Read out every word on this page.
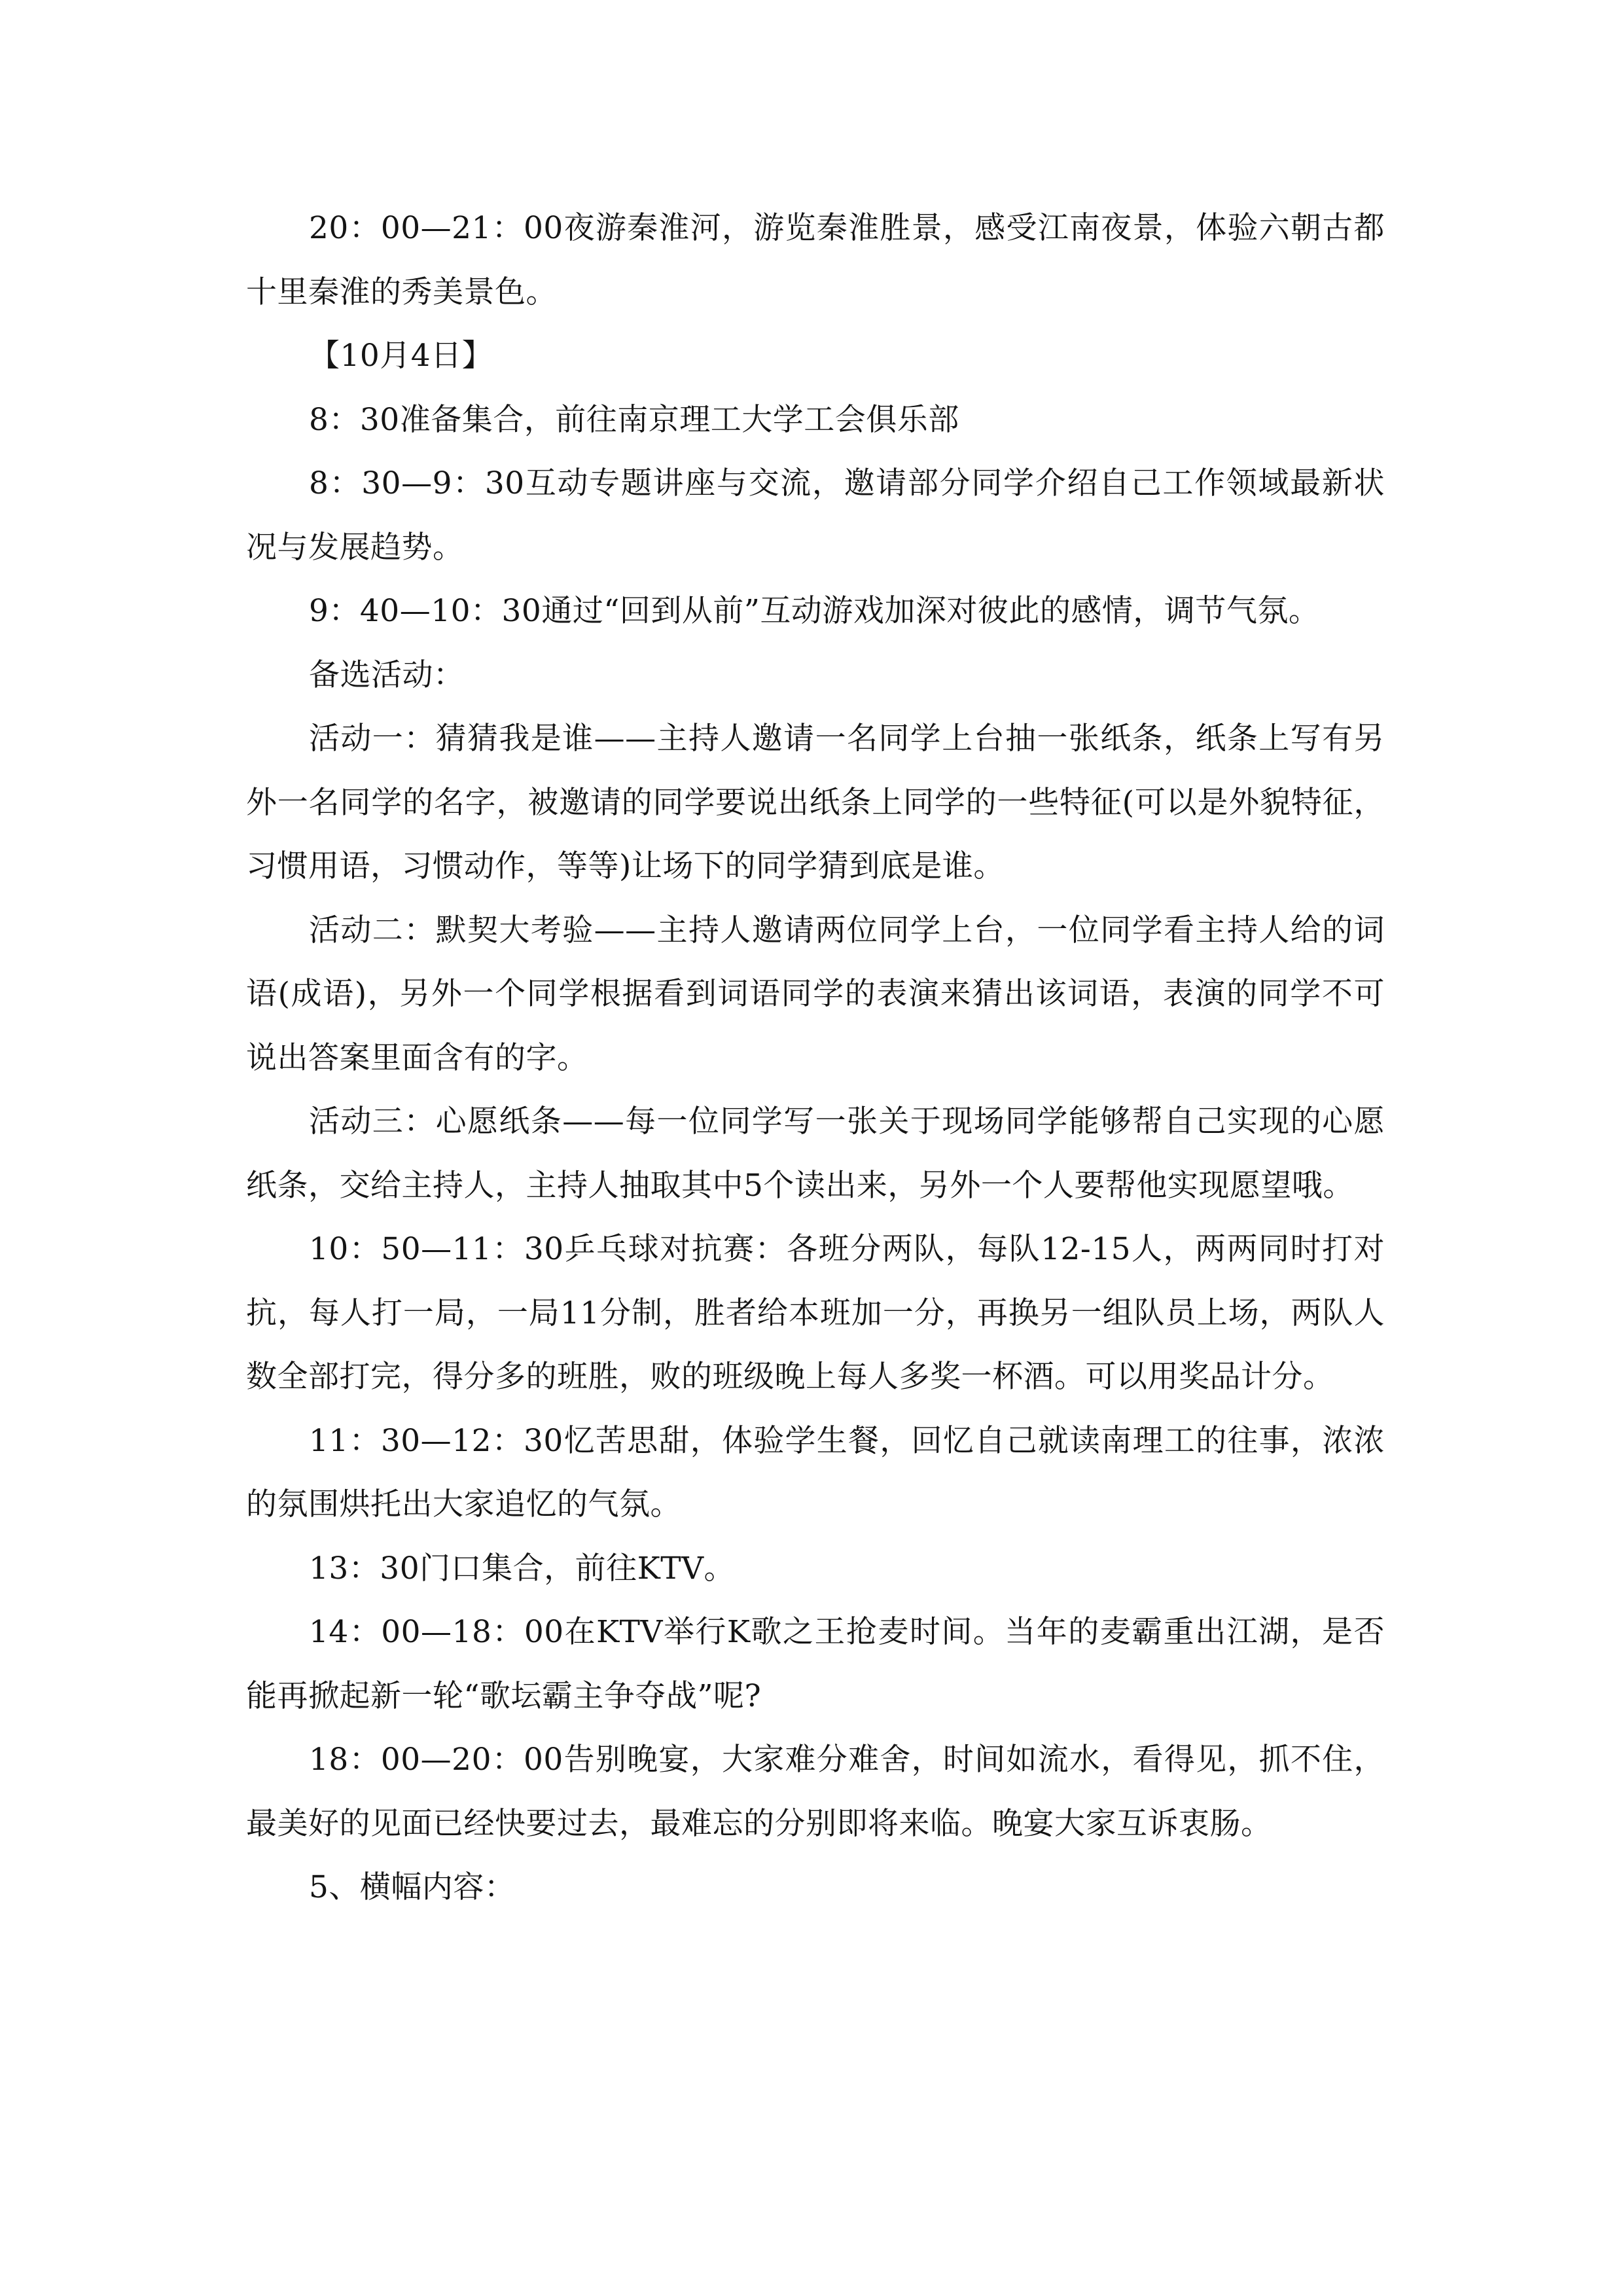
20：00—21：00夜游秦淮河，游览秦淮胜景，感受江南夜景，体验六朝古都十里秦淮的秀美景色。

【10月4日】

8：30准备集合，前往南京理工大学工会俱乐部

8：30—9：30互动专题讲座与交流，邀请部分同学介绍自己工作领域最新状况与发展趋势。

9：40—10：30通过“回到从前”互动游戏加深对彼此的感情，调节气氛。

备选活动：

活动一：猜猜我是谁——主持人邀请一名同学上台抽一张纸条，纸条上写有另外一名同学的名字，被邀请的同学要说出纸条上同学的一些特征(可以是外貌特征，习惯用语，习惯动作，等等)让场下的同学猜到底是谁。

活动二：默契大考验——主持人邀请两位同学上台，一位同学看主持人给的词语(成语)，另外一个同学根据看到词语同学的表演来猜出该词语，表演的同学不可说出答案里面含有的字。

活动三：心愿纸条——每一位同学写一张关于现场同学能够帮自己实现的心愿纸条，交给主持人，主持人抽取其中5个读出来，另外一个人要帮他实现愿望哦。

10：50—11：30乒乓球对抗赛：各班分两队，每队12-15人，两两同时打对抗，每人打一局，一局11分制，胜者给本班加一分，再换另一组队员上场，两队人数全部打完，得分多的班胜，败的班级晚上每人多奖一杯酒。可以用奖品计分。

11：30—12：30忆苦思甜，体验学生餐，回忆自己就读南理工的往事，浓浓的氛围烘托出大家追忆的气氛。

13：30门口集合，前往KTV。

14：00—18：00在KTV举行K歌之王抢麦时间。当年的麦霸重出江湖，是否能再掀起新一轮“歌坛霸主争夺战”呢?

18：00—20：00告别晚宴，大家难分难舍，时间如流水，看得见，抓不住，最美好的见面已经快要过去，最难忘的分别即将来临。晚宴大家互诉衷肠。

5、横幅内容：
